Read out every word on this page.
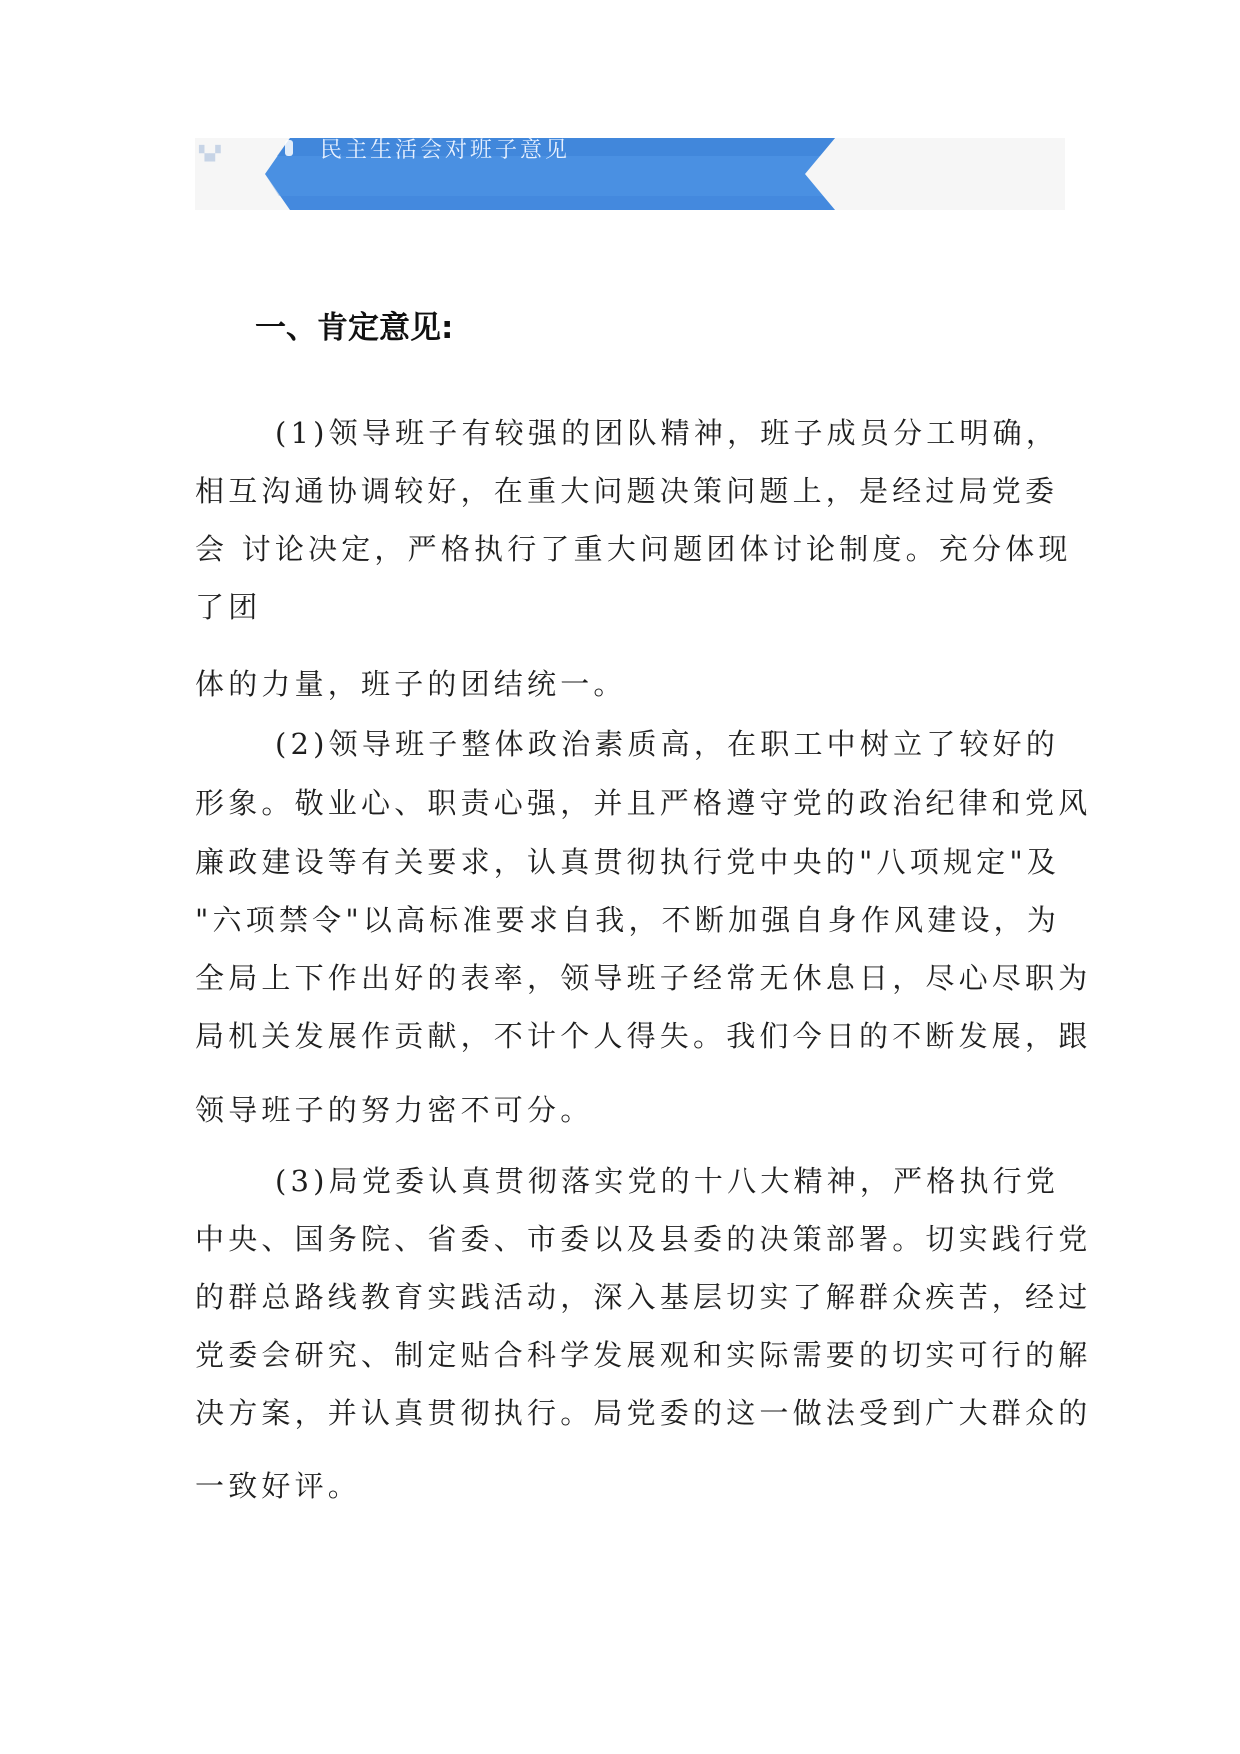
▚▞	民主生活会对班子意见
一、肯定意见:
(1)领导班子有较强的团队精神，班子成员分工明确，
相互沟通协调较好，在重大问题决策问题上，是经过局党委
会 讨论决定，严格执行了重大问题团体讨论制度。充分体现
了团
体的力量，班子的团结统一。
(2)领导班子整体政治素质高，在职工中树立了较好的
形象。敬业心、职责心强，并且严格遵守党的政治纪律和党风
廉政建设等有关要求，认真贯彻执行党中央的"八项规定"及
"六项禁令"以高标准要求自我，不断加强自身作风建设，为
全局上下作出好的表率，领导班子经常无休息日，尽心尽职为
局机关发展作贡献，不计个人得失。我们今日的不断发展，跟
领导班子的努力密不可分。
(3)局党委认真贯彻落实党的十八大精神，严格执行党
中央、国务院、省委、市委以及县委的决策部署。切实践行党
的群总路线教育实践活动，深入基层切实了解群众疾苦，经过
党委会研究、制定贴合科学发展观和实际需要的切实可行的解
决方案，并认真贯彻执行。局党委的这一做法受到广大群众的
一致好评。
